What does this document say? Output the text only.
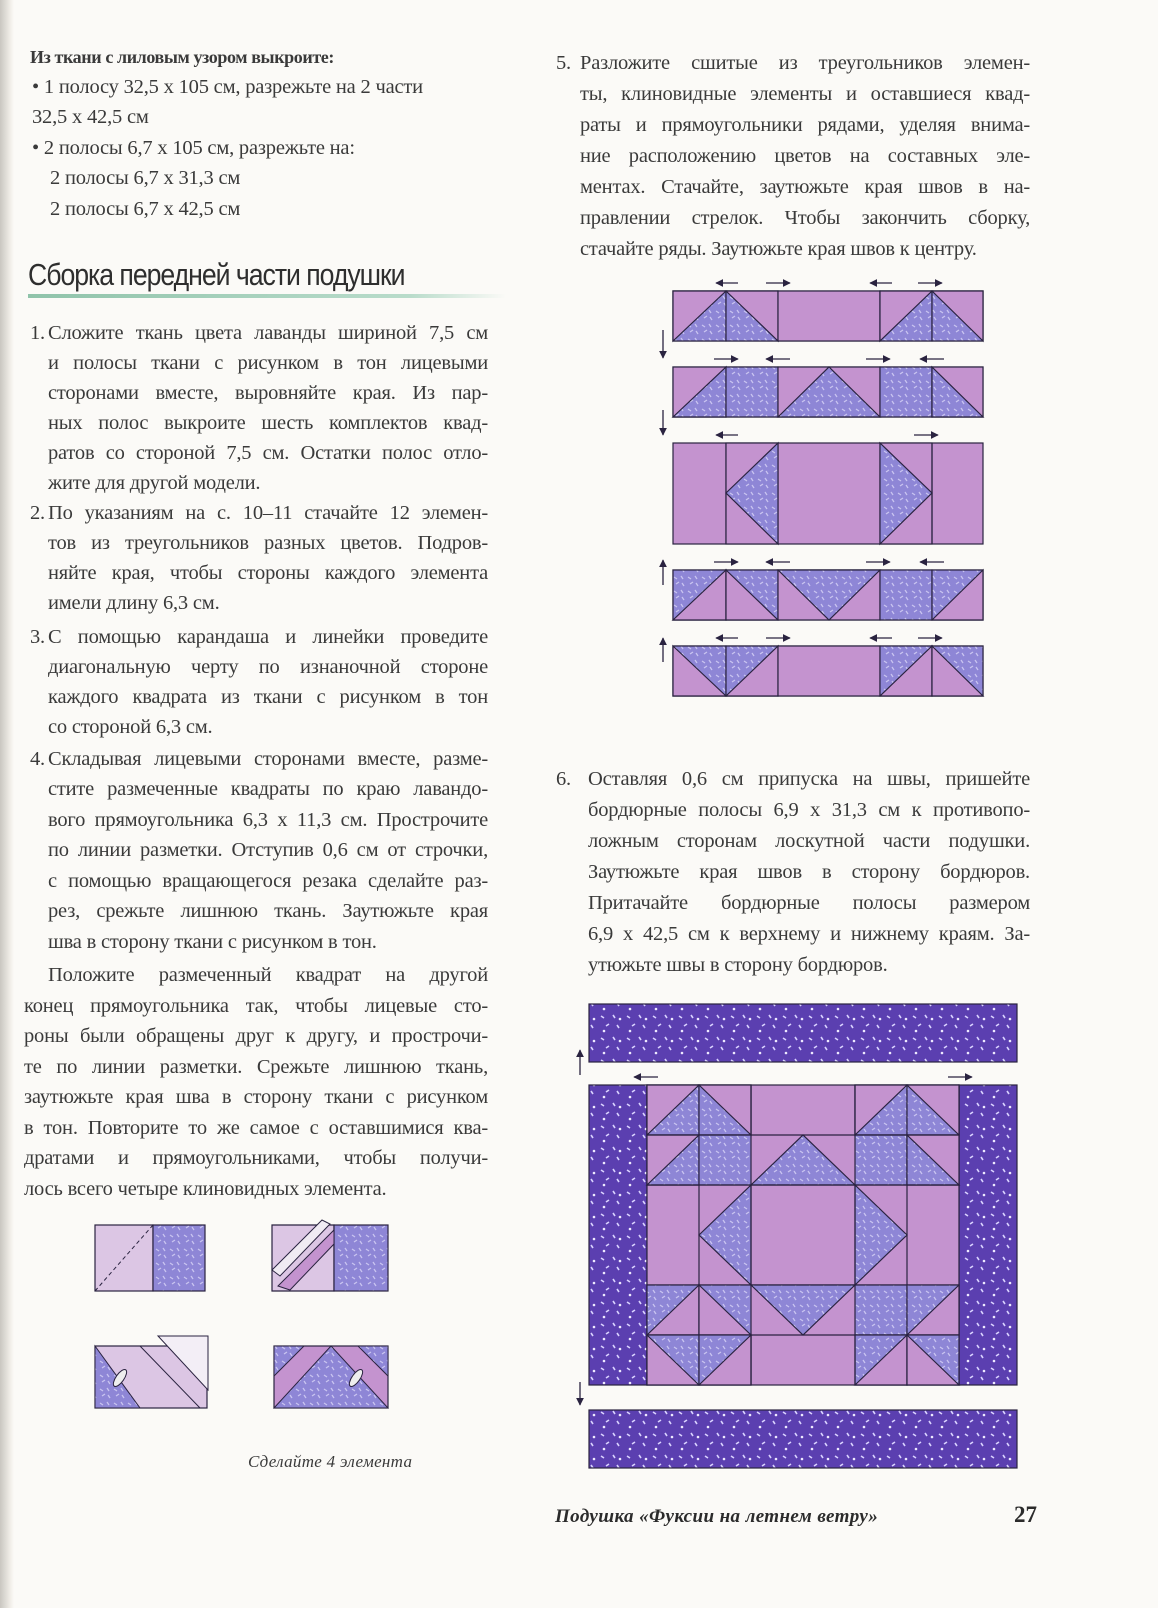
Из ткани с лиловым узором выкроите:
• 1 полосу 32,5 х 105 см, разрежьте на 2 части
32,5 х 42,5 см
• 2 полосы 6,7 х 105 см, разрежьте на:
2 полосы 6,7 х 31,3 см
2 полосы 6,7 х 42,5 см
Сборка передней части подушки
1. Сложите ткань цвета лаванды шириной 7,5 см
и полосы ткани с рисунком в тон лицевыми
сторонами вместе, выровняйте края. Из пар-
ных полос выкроите шесть комплектов квад-
ратов со стороной 7,5 см. Остатки полос отло-
жите для другой модели.
2. По указаниям на с. 10–11 стачайте 12 элемен-
тов из треугольников разных цветов. Подров-
няйте края, чтобы стороны каждого элемента
имели длину 6,3 см.
3. С помощью карандаша и линейки проведите
диагональную черту по изнаночной стороне
каждого квадрата из ткани с рисунком в тон
со стороной 6,3 см.
4. Складывая лицевыми сторонами вместе, разме-
стите размеченные квадраты по краю лавандо-
вого прямоугольника 6,3 х 11,3 см. Прострочите
по линии разметки. Отступив 0,6 см от строчки,
с помощью вращающегося резака сделайте раз-
рез, срежьте лишнюю ткань. Заутюжьте края
шва в сторону ткани с рисунком в тон.
Положите размеченный квадрат на другой
конец прямоугольника так, чтобы лицевые сто-
роны были обращены друг к другу, и прострочи-
те по линии разметки. Срежьте лишнюю ткань,
заутюжьте края шва в сторону ткани с рисунком
в тон. Повторите то же самое с оставшимися ква-
дратами и прямоугольниками, чтобы получи-
лось всего четыре клиновидных элемента.
Сделайте 4 элемента
5. Разложите сшитые из треугольников элемен-
ты, клиновидные элементы и оставшиеся квад-
раты и прямоугольники рядами, уделяя внима-
ние расположению цветов на составных эле-
ментах. Стачайте, заутюжьте края швов в на-
правлении стрелок. Чтобы закончить сборку,
стачайте ряды. Заутюжьте края швов к центру.
6. Оставляя 0,6 см припуска на швы, пришейте
бордюрные полосы 6,9 х 31,3 см к противопо-
ложным сторонам лоскутной части подушки.
Заутюжьте края швов в сторону бордюров.
Притачайте бордюрные полосы размером
6,9 х 42,5 см к верхнему и нижнему краям. За-
утюжьте швы в сторону бордюров.
Подушка «Фуксии на летнем ветру»	27
